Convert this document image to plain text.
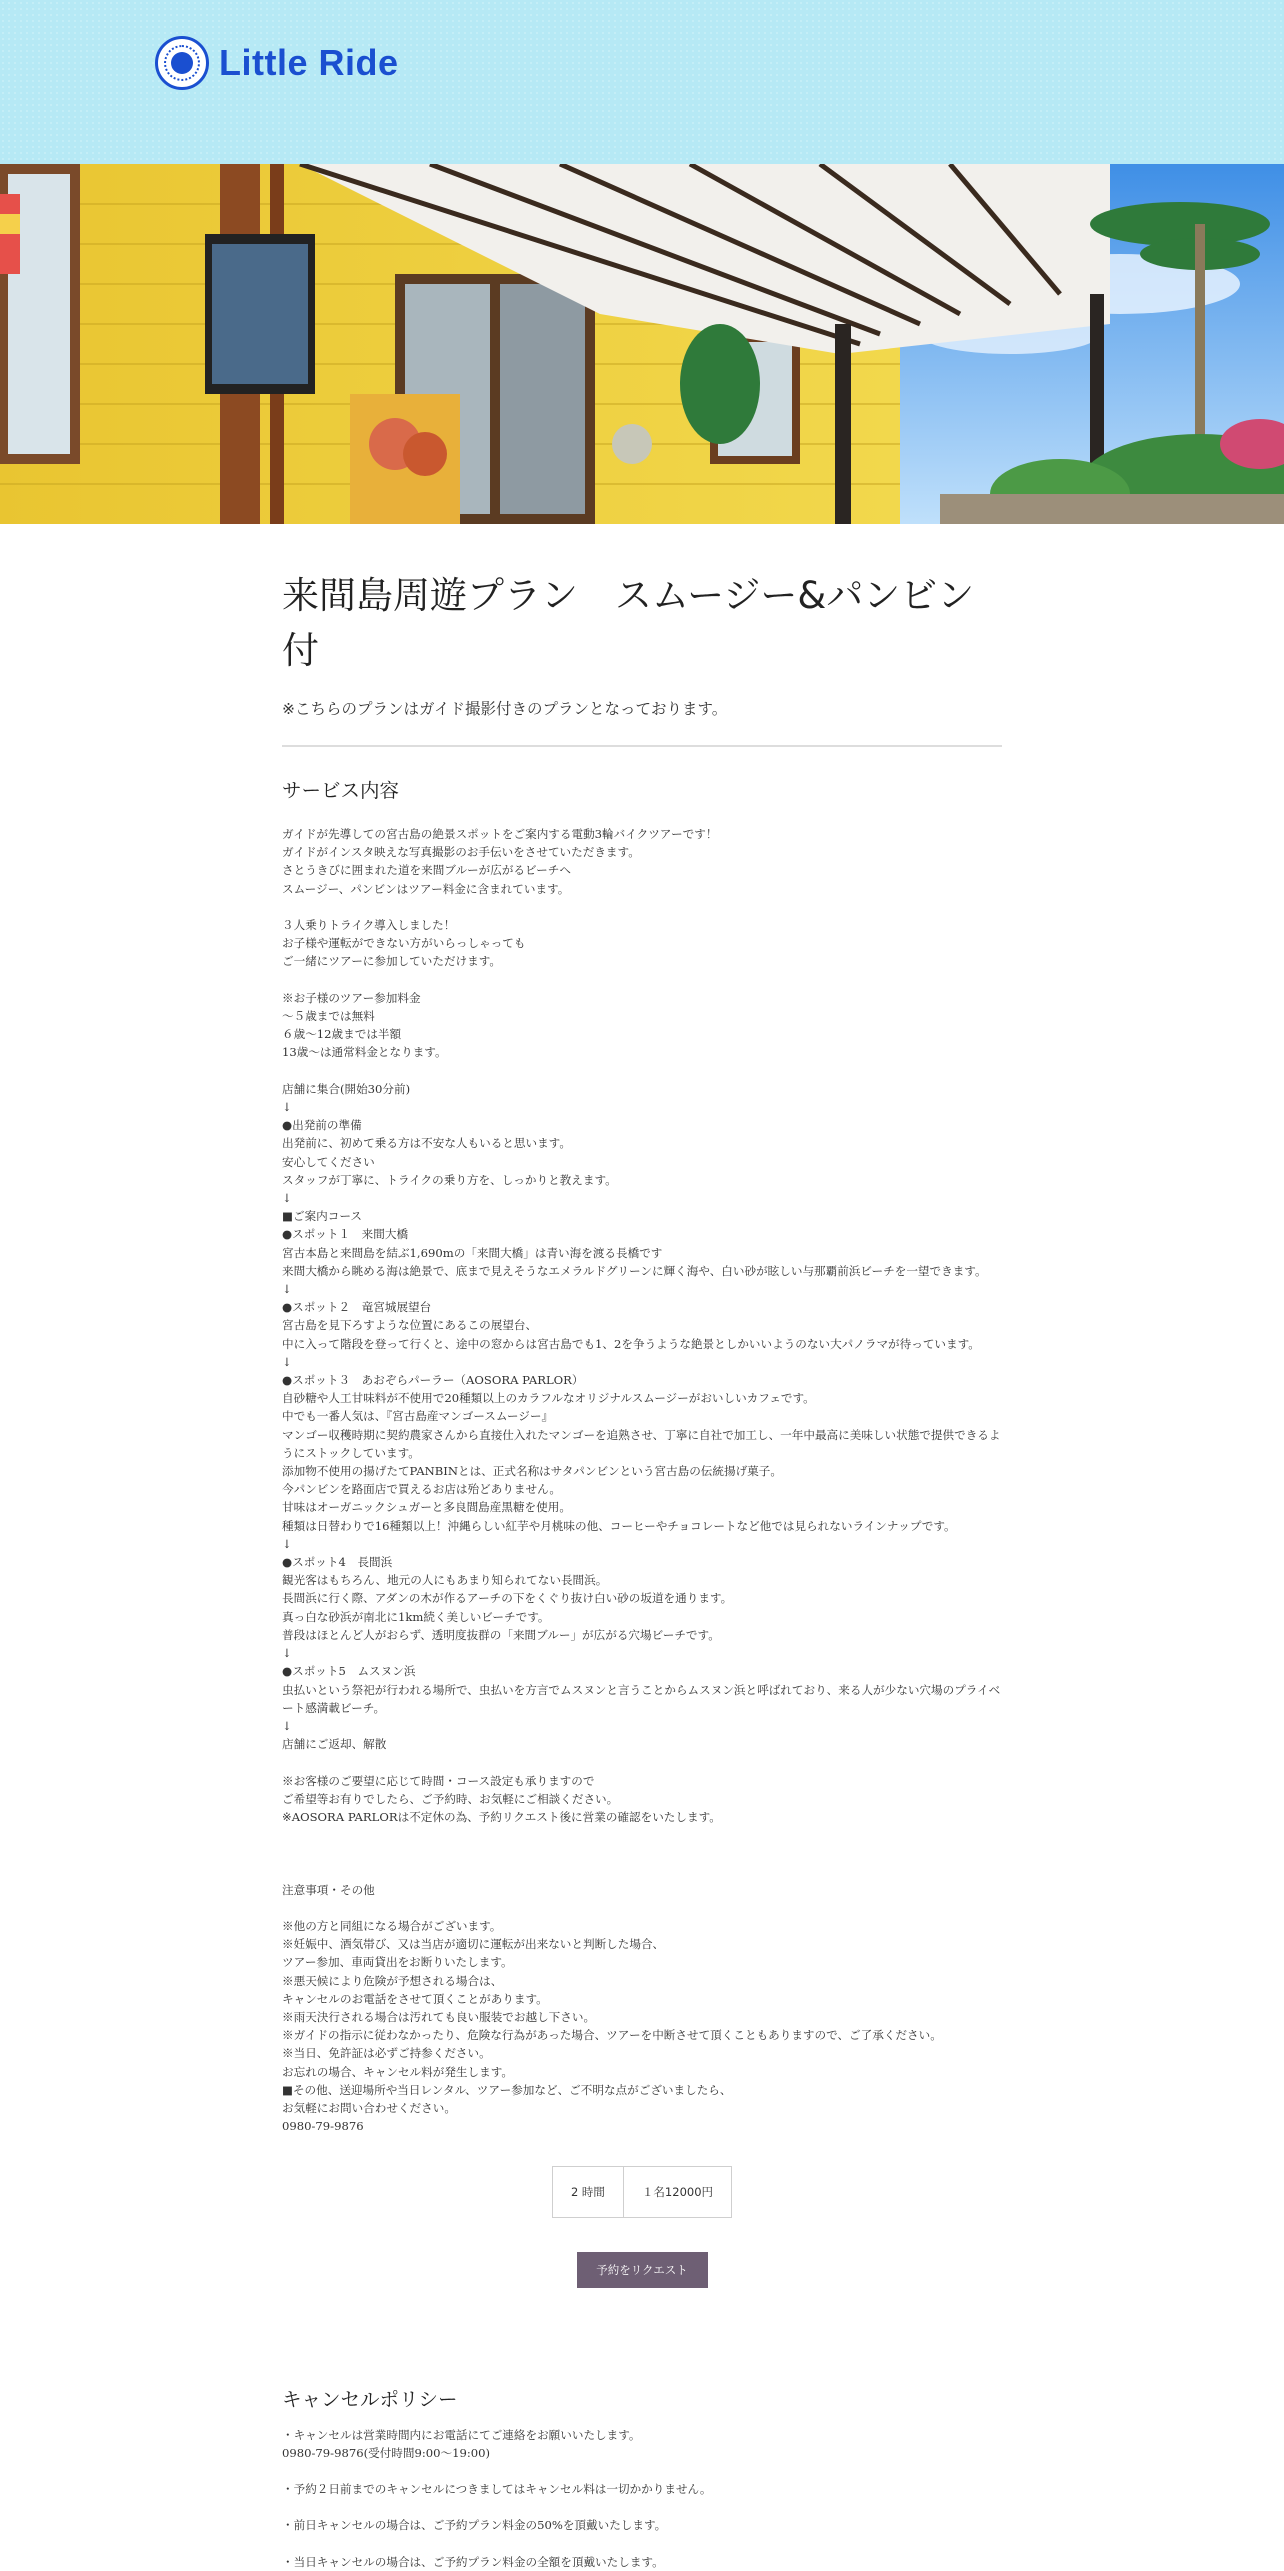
Little Ride
来間島周遊プラン　スムージー&パンビン付
※こちらのプランはガイド撮影付きのプランとなっております。
サービス内容
ガイドが先導しての宮古島の絶景スポットをご案内する電動3輪バイクツアーです！
ガイドがインスタ映えな写真撮影のお手伝いをさせていただきます。
さとうきびに囲まれた道を来間ブルーが広がるビーチへ
スムージー、パンビンはツアー料金に含まれています。
３人乗りトライク導入しました！
お子様や運転ができない方がいらっしゃっても
ご一緒にツアーに参加していただけます。
※お子様のツアー参加料金
〜５歳までは無料
６歳〜12歳までは半額
13歳〜は通常料金となります。
店舗に集合(開始30分前)
↓
●出発前の準備
出発前に、初めて乗る方は不安な人もいると思います。
安心してください
スタッフが丁寧に、トライクの乗り方を、しっかりと教えます。
↓
■ご案内コース
●スポット１　来間大橋
宮古本島と来間島を結ぶ1,690mの「来間大橋」は青い海を渡る長橋です
来間大橋から眺める海は絶景で、底まで見えそうなエメラルドグリーンに輝く海や、白い砂が眩しい与那覇前浜ビーチを一望できます。
↓
●スポット２　竜宮城展望台
宮古島を見下ろすような位置にあるこの展望台、
中に入って階段を登って行くと、途中の窓からは宮古島でも1、2を争うような絶景としかいいようのない大パノラマが待っています。
↓
●スポット３　あおぞらパーラー（AOSORA PARLOR）
自砂糖や人工甘味料が不使用で20種類以上のカラフルなオリジナルスムージーがおいしいカフェです。
中でも一番人気は、『宮古島産マンゴースムージー』
マンゴー収穫時期に契約農家さんから直接仕入れたマンゴーを追熟させ、丁寧に自社で加工し、一年中最高に美味しい状態で提供できるようにストックしています。
添加物不使用の揚げたてPANBINとは、正式名称はサタパンビンという宮古島の伝統揚げ菓子。
今パンビンを路面店で買えるお店は殆どありません。
甘味はオーガニックシュガーと多良間島産黒糖を使用。
種類は日替わりで16種類以上！沖縄らしい紅芋や月桃味の他、コーヒーやチョコレートなど他では見られないラインナップです。
↓
●スポット4　長間浜
観光客はもちろん、地元の人にもあまり知られてない長間浜。
長間浜に行く際、アダンの木が作るアーチの下をくぐり抜け白い砂の坂道を通ります。
真っ白な砂浜が南北に1km続く美しいビーチです。
普段はほとんど人がおらず、透明度抜群の「来間ブルー」が広がる穴場ビーチです。
↓
●スポット5　ムスヌン浜
虫払いという祭祀が行われる場所で、虫払いを方言でムスヌンと言うことからムスヌン浜と呼ばれており、来る人が少ない穴場のプライベート感満載ビーチ。
↓
店舗にご返却、解散
※お客様のご要望に応じて時間・コース設定も承りますので
ご希望等お有りでしたら、ご予約時、お気軽にご相談ください。
※AOSORA PARLORは不定休の為、予約リクエスト後に営業の確認をいたします。
注意事項・その他
※他の方と同組になる場合がございます。
※妊娠中、酒気帯び、又は当店が適切に運転が出来ないと判断した場合、
ツアー参加、車両貸出をお断りいたします。
※悪天候により危険が予想される場合は、
キャンセルのお電話をさせて頂くことがあります。
※雨天決行される場合は汚れても良い服装でお越し下さい。
※ガイドの指示に従わなかったり、危険な行為があった場合、ツアーを中断させて頂くこともありますので、ご了承ください。
※当日、免許証は必ずご持参ください。
お忘れの場合、キャンセル料が発生します。
■その他、送迎場所や当日レンタル、ツアー参加など、ご不明な点がございましたら、
お気軽にお問い合わせください。
0980-79-9876
2 時間	１名12000円
予約をリクエスト
キャンセルポリシー
・キャンセルは営業時間内にお電話にてご連絡をお願いいたします。
0980-79-9876(受付時間9:00〜19:00)
・予約２日前までのキャンセルにつきましてはキャンセル料は一切かかりません。
・前日キャンセルの場合は、ご予約プラン料金の50%を頂戴いたします。
・当日キャンセルの場合は、ご予約プラン料金の全額を頂戴いたします。
